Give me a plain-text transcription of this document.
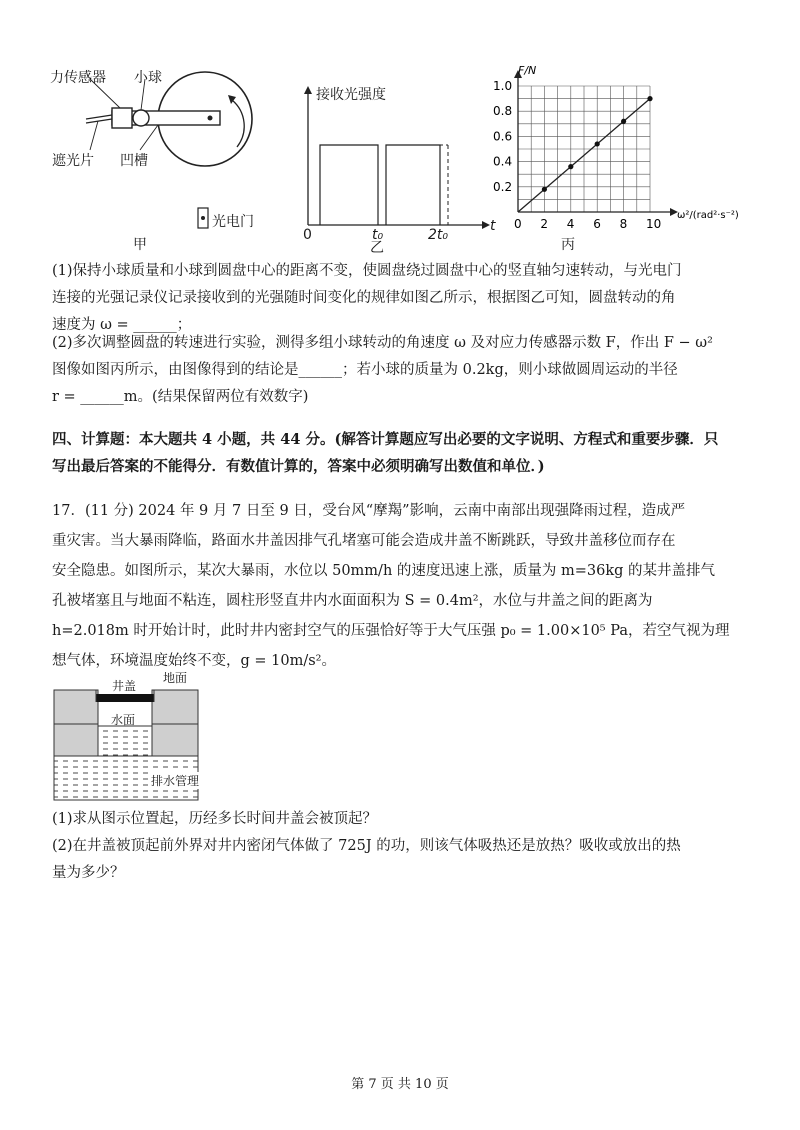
力传感器 小球
遮光片 凹槽
光电门
甲
接收光强度
t
0	t₀	2t₀
乙
0 2 4 6 8 10
0.2
0.4
0.6
0.8
1.0
F/N
ω²/(rad²·s⁻²)
丙

(1)保持小球质量和小球到圆盘中心的距离不变，使圆盘绕过圆盘中心的竖直轴匀速转动，与光电门

连接的光强记录仪记录接收到的光强随时间变化的规律如图乙所示，根据图乙可知，圆盘转动的角

速度为 ω = ______；

(2)多次调整圆盘的转速进行实验，测得多组小球转动的角速度 ω 及对应力传感器示数 F，作出 F − ω²

图像如图丙所示，由图像得到的结论是______；若小球的质量为 0.2kg，则小球做圆周运动的半径

r = ______m。(结果保留两位有效数字)

四、计算题：本大题共 4 小题，共 44 分。(解答计算题应写出必要的文字说明、方程式和重要步骤．只

写出最后答案的不能得分．有数值计算的，答案中必须明确写出数值和单位．)

17．(11 分) 2024 年 9 月 7 日至 9 日，受台风“摩羯”影响，云南中南部出现强降雨过程，造成严

重灾害。当大暴雨降临，路面水井盖因排气孔堵塞可能会造成井盖不断跳跃，导致井盖移位而存在

安全隐患。如图所示，某次大暴雨，水位以 50mm/h 的速度迅速上涨，质量为 m=36kg 的某井盖排气

孔被堵塞且与地面不粘连，圆柱形竖直井内水面面积为 S = 0.4m²，水位与井盖之间的距离为

h=2.018m 时开始计时，此时井内密封空气的压强恰好等于大气压强 p₀ = 1.00×10⁵ Pa，若空气视为理

想气体，环境温度始终不变，g = 10m/s²。

井盖
地面
水面
排水管理

(1)求从图示位置起，历经多长时间井盖会被顶起？

(2)在井盖被顶起前外界对井内密闭气体做了 725J 的功，则该气体吸热还是放热？吸收或放出的热

量为多少？

第 7 页 共 10 页
